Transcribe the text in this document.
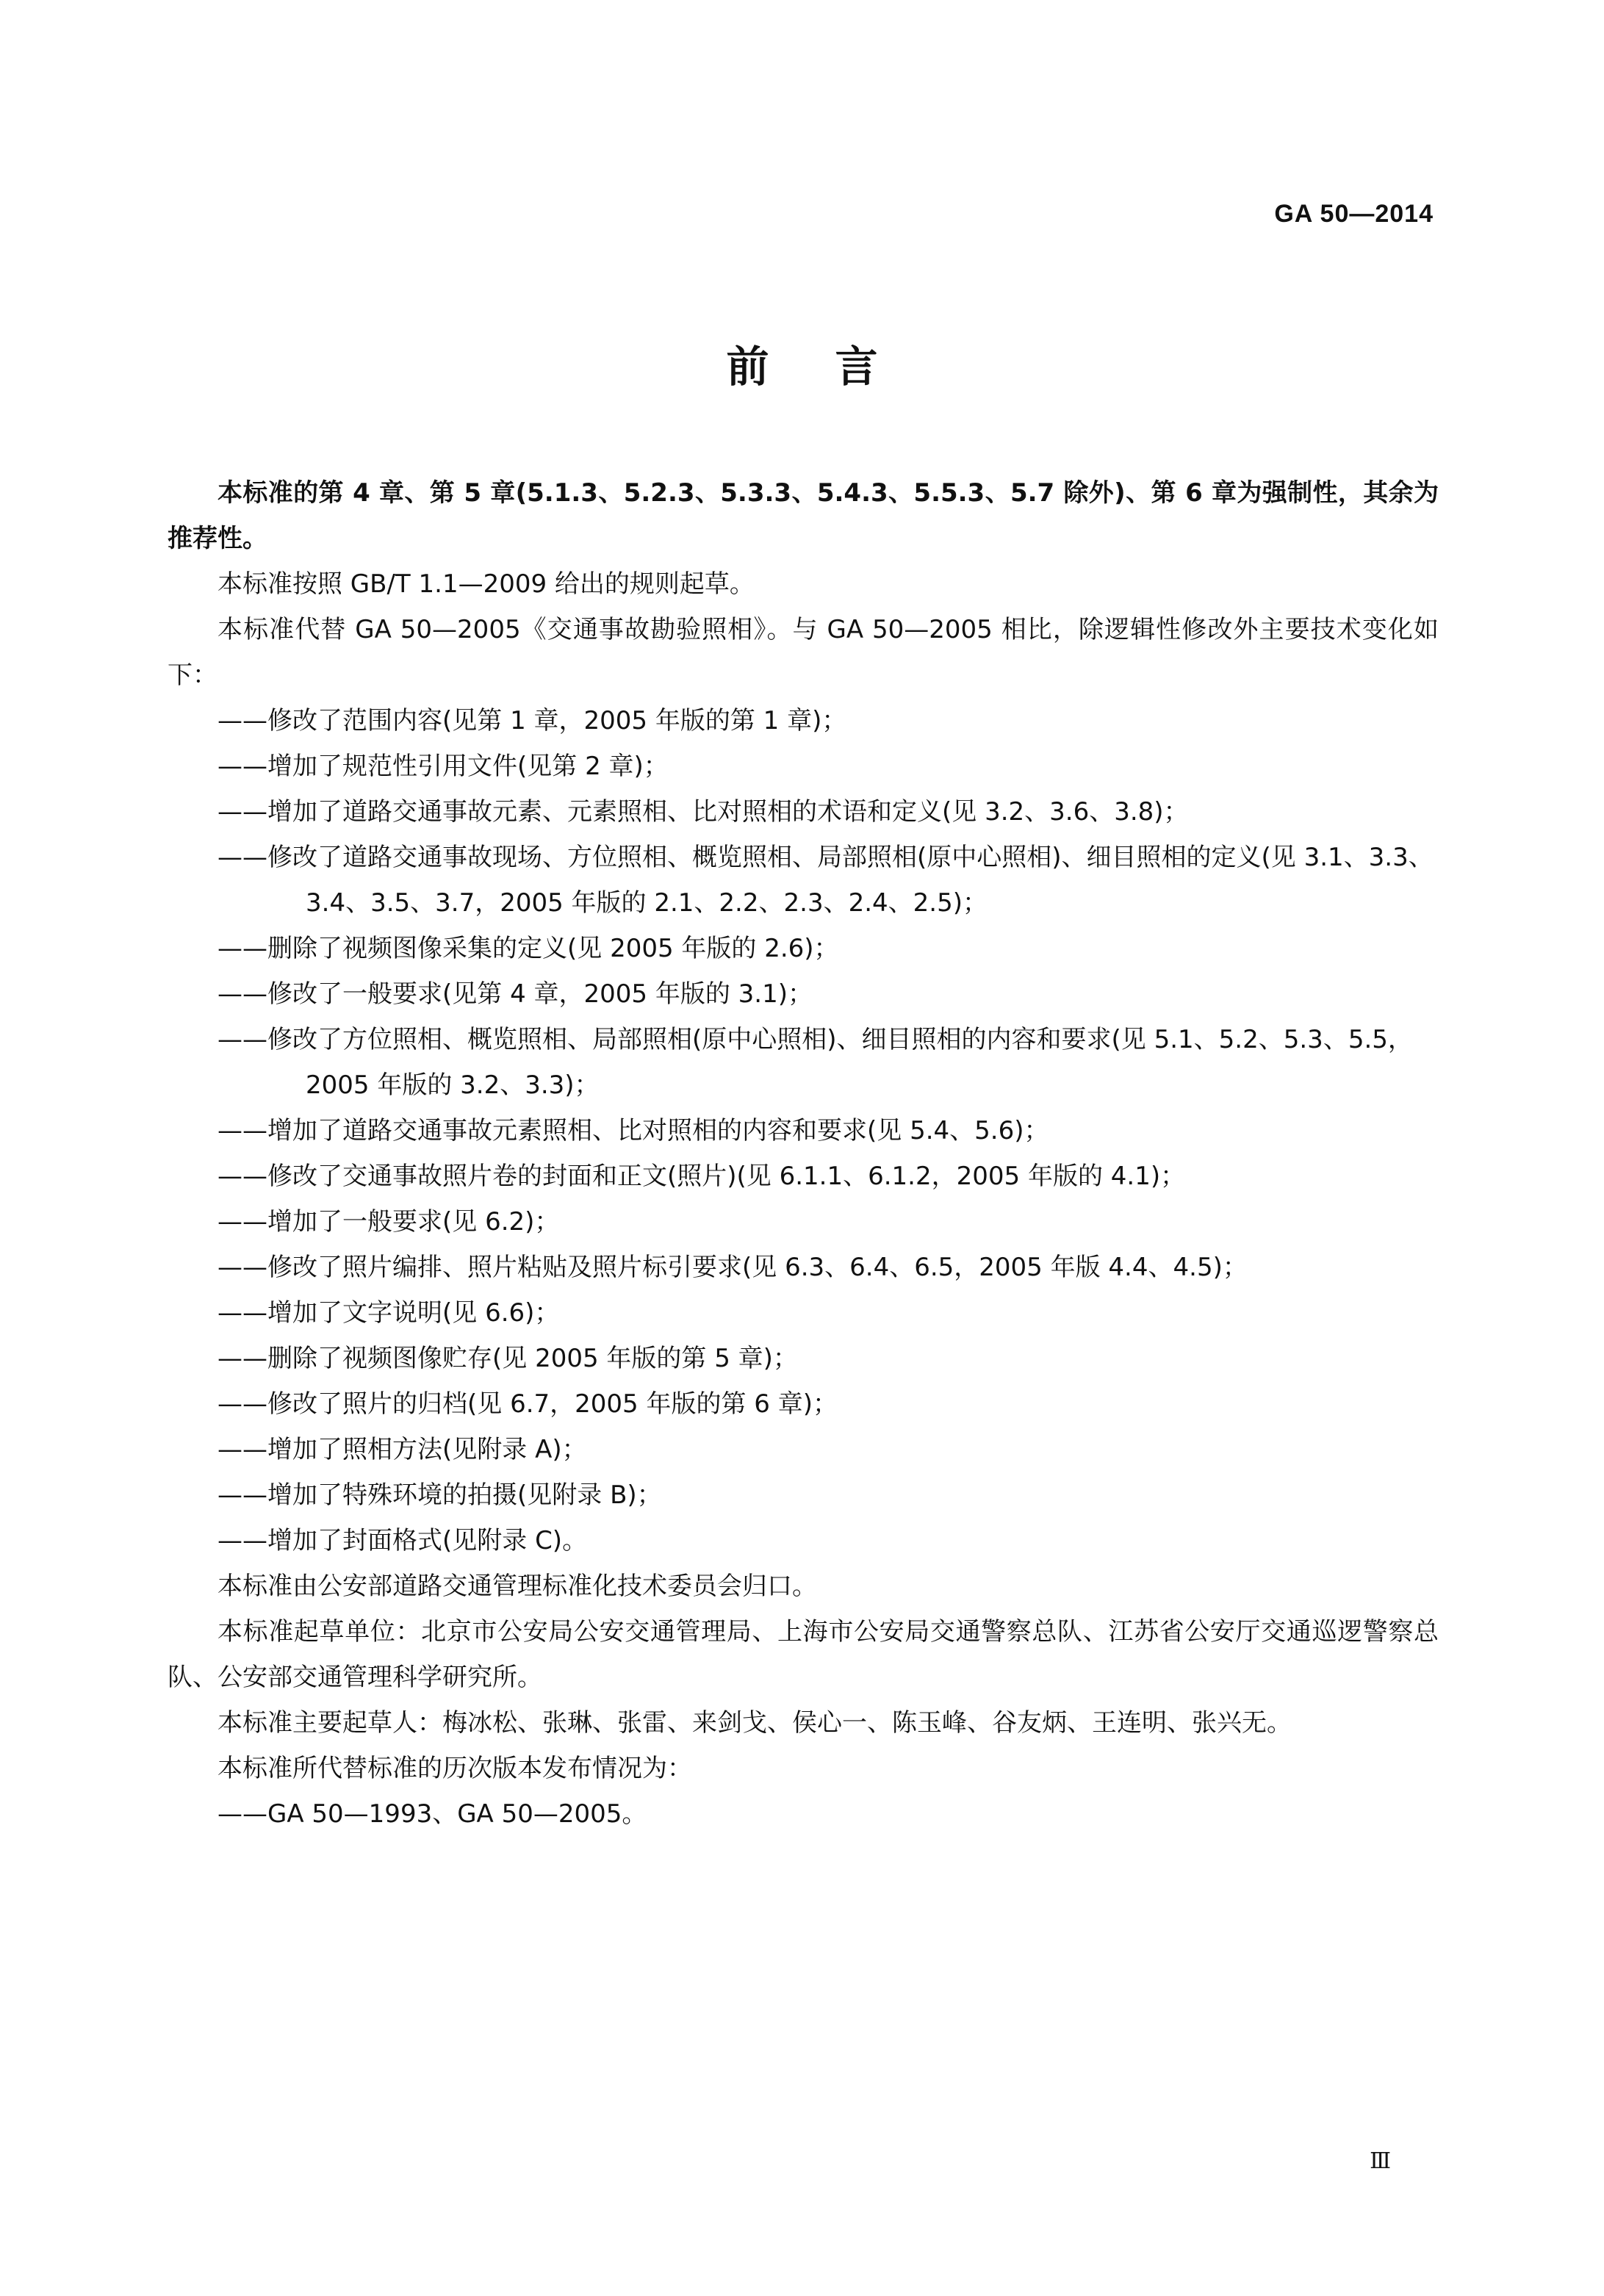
GA 50—2014
前言

本标准的第 4 章、第 5 章(5.1.3、5.2.3、5.3.3、5.4.3、5.5.3、5.7 除外)、第 6 章为强制性，其余为推荐性。

本标准按照 GB/T 1.1—2009 给出的规则起草。

本标准代替 GA 50—2005《交通事故勘验照相》。与 GA 50—2005 相比，除逻辑性修改外主要技术变化如下：

——修改了范围内容(见第 1 章，2005 年版的第 1 章)；
——增加了规范性引用文件(见第 2 章)；
——增加了道路交通事故元素、元素照相、比对照相的术语和定义(见 3.2、3.6、3.8)；
——修改了道路交通事故现场、方位照相、概览照相、局部照相(原中心照相)、细目照相的定义(见 3.1、3.3、3.4、3.5、3.7，2005 年版的 2.1、2.2、2.3、2.4、2.5)；
——删除了视频图像采集的定义(见 2005 年版的 2.6)；
——修改了一般要求(见第 4 章，2005 年版的 3.1)；
——修改了方位照相、概览照相、局部照相(原中心照相)、细目照相的内容和要求(见 5.1、5.2、5.3、5.5，2005 年版的 3.2、3.3)；
——增加了道路交通事故元素照相、比对照相的内容和要求(见 5.4、5.6)；
——修改了交通事故照片卷的封面和正文(照片)(见 6.1.1、6.1.2，2005 年版的 4.1)；
——增加了一般要求(见 6.2)；
——修改了照片编排、照片粘贴及照片标引要求(见 6.3、6.4、6.5，2005 年版 4.4、4.5)；
——增加了文字说明(见 6.6)；
——删除了视频图像贮存(见 2005 年版的第 5 章)；
——修改了照片的归档(见 6.7，2005 年版的第 6 章)；
——增加了照相方法(见附录 A)；
——增加了特殊环境的拍摄(见附录 B)；
——增加了封面格式(见附录 C)。

本标准由公安部道路交通管理标准化技术委员会归口。

本标准起草单位：北京市公安局公安交通管理局、上海市公安局交通警察总队、江苏省公安厅交通巡逻警察总队、公安部交通管理科学研究所。

本标准主要起草人：梅冰松、张琳、张雷、来剑戈、侯心一、陈玉峰、谷友炳、王连明、张兴无。

本标准所代替标准的历次版本发布情况为：

——GA 50—1993、GA 50—2005。

Ⅲ
